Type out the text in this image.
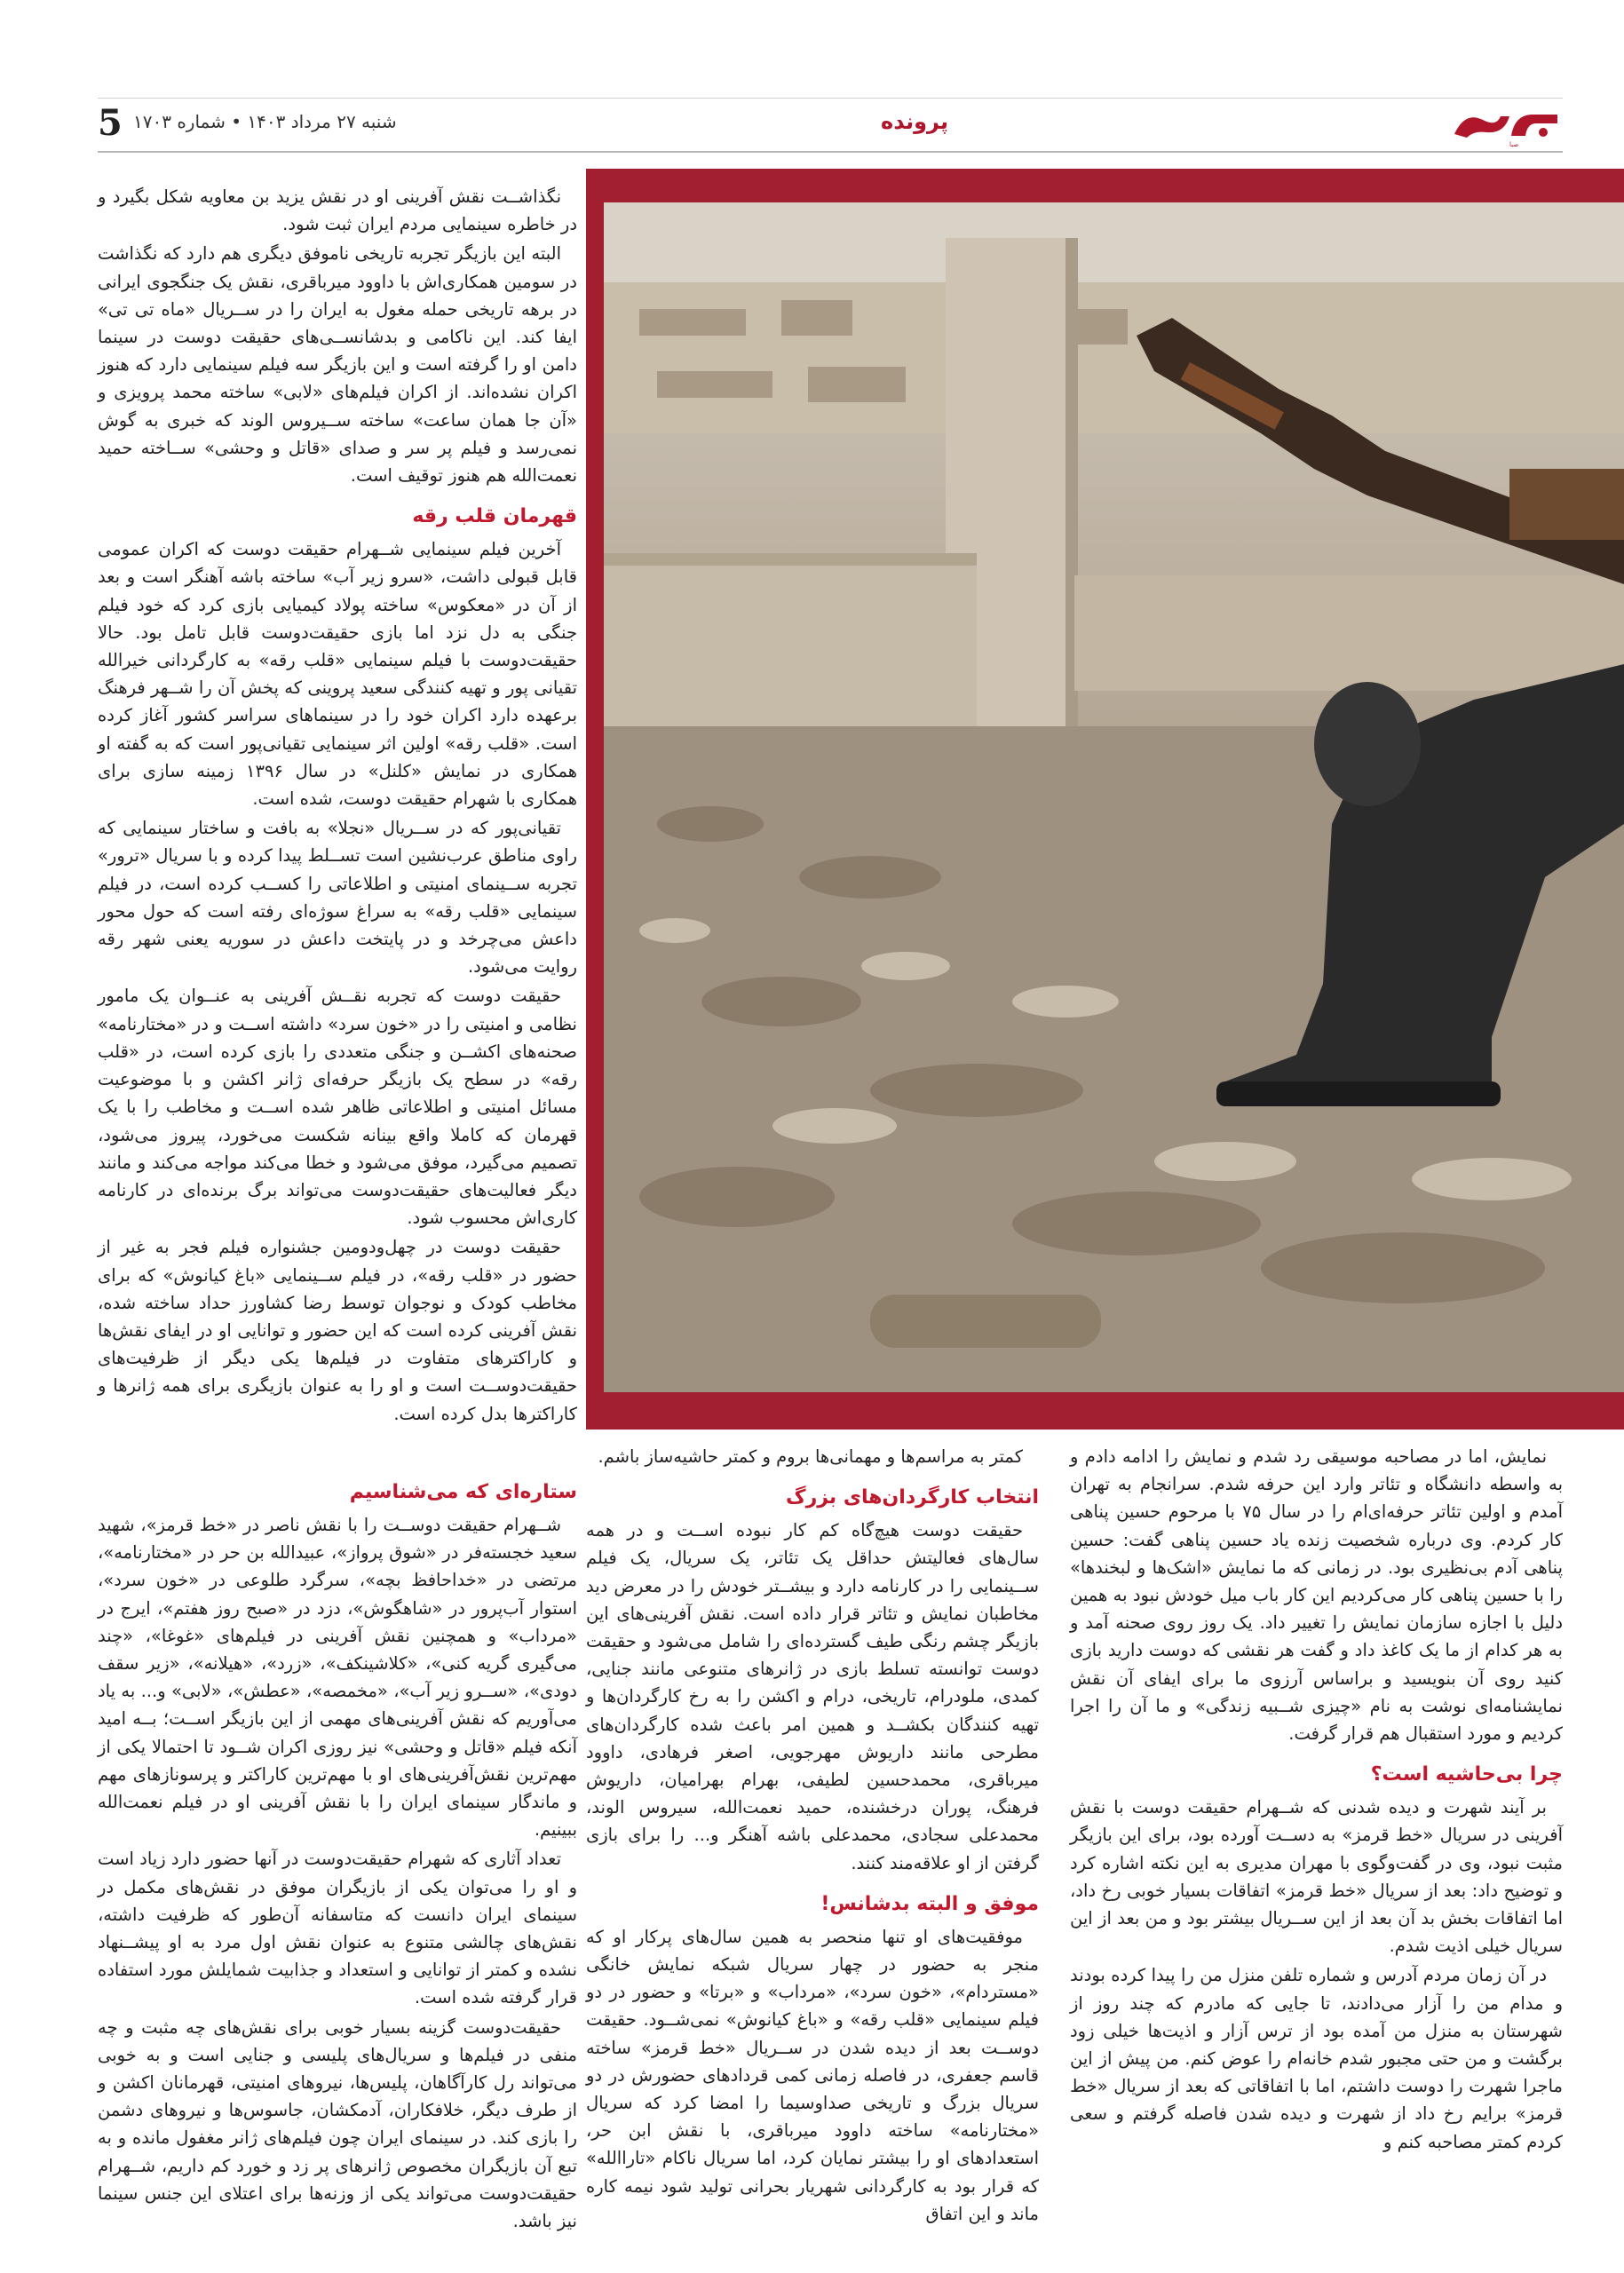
5 شنبه ۲۷ مرداد ۱۴۰۳ • شماره ۱۷۰۳	پرونده
صبا

نگذاشــت نقش آفرینی او در نقش یزید بن معاویه شکل بگیرد و در خاطره سینمایی مردم ایران ثبت شود.

البته این بازیگر تجربه تاریخی ناموفق دیگری هم دارد که نگذاشت در سومین همکاری‌اش با داوود میرباقری، نقش یک جنگجوی ایرانی در برهه تاریخی حمله مغول به ایران را در ســریال «ماه تی تی» ایفا کند. این ناکامی و بدشانســی‌های حقیقت دوست در سینما دامن او را گرفته است و این بازیگر سه فیلم سینمایی دارد که هنوز اکران نشده‌اند. از اکران فیلم‌های «لابی» ساخته محمد پرویزی و «آن جا همان ساعت» ساخته ســیروس الوند که خبری به گوش نمی‌رسد و فیلم پر سر و صدای «قاتل و وحشی» ســاخته حمید نعمت‌الله هم هنوز توقیف است.

قهرمان قلب رقه

آخرین فیلم سینمایی شــهرام حقیقت دوست که اکران عمومی قابل قبولی داشت، «سرو زیر آب» ساخته باشه آهنگر است و بعد از آن در «معکوس» ساخته پولاد کیمیایی بازی کرد که خود فیلم جنگی به دل نزد اما بازی حقیقت‌دوست قابل تامل بود. حالا حقیقت‌دوست با فیلم سینمایی «قلب رقه» به کارگردانی خیرالله تقیانی پور و تهیه کنندگی سعید پروینی که پخش آن را شــهر فرهنگ برعهده دارد اکران خود را در سینماهای سراسر کشور آغاز کرده است. «قلب رقه» اولین اثر سینمایی تقیانی‌پور است که به گفته او همکاری در نمایش «کلنل» در سال ۱۳۹۶ زمینه سازی برای همکاری با شهرام حقیقت دوست، شده است.

تقیانی‌پور که در ســریال «نجلا» به بافت و ساختار سینمایی که راوی مناطق عرب‌نشین است تســلط پیدا کرده و با سریال «ترور» تجربه ســینمای امنیتی و اطلاعاتی را کســب کرده است، در فیلم سینمایی «قلب رقه» به سراغ سوژه‌ای رفته است که حول محور داعش می‌چرخد و در پایتخت داعش در سوریه یعنی شهر رقه روایت می‌شود.

حقیقت‌ دوست که تجربه نقــش آفرینی به عنــوان یک مامور نظامی و امنیتی را در «خون سرد» داشته اســت و در «مختارنامه» صحنه‌های اکشــن و جنگی متعددی را بازی کرده است، در «قلب رقه» در سطح یک بازیگر حرفه‌ای ژانر اکشن و با موضوعیت مسائل امنیتی و اطلاعاتی ظاهر شده اســت و مخاطب را با یک قهرمان که کاملا واقع بینانه شکست می‌خورد، پیروز می‌شود، تصمیم می‌گیرد، موفق می‌شود و خطا می‌کند مواجه می‌کند و مانند دیگر فعالیت‌های حقیقت‌دوست می‌تواند برگ برنده‌ای در کارنامه کاری‌اش محسوب شود.

حقیقت دوست در چهل‌ودومین جشنواره فیلم فجر به غیر از حضور در «قلب رقه»، در فیلم ســینمایی «باغ کیانوش» که برای مخاطب کودک و نوجوان توسط رضا کشاورز حداد ساخته شده، نقش آفرینی کرده است که این حضور و توانایی او در ایفای نقش‌ها و کاراکترهای متفاوت در فیلم‌ها یکی دیگر از ظرفیت‌های حقیقت‌دوســت است و او را به عنوان بازیگری برای همه ژانرها و کاراکترها بدل کرده است.

ستاره‌ای که می‌شناسیم

شــهرام حقیقت دوســت را با نقش ناصر در «خط قرمز»، شهید سعید خجسته‌فر در «شوق پرواز»، عبیدالله بن حر در «مختارنامه»، مرتضی در «خداحافظ بچه»، سرگرد طلوعی در «خون سرد»، استوار آب‌پرور در «شاهگوش»، دزد در «صبح روز هفتم»، ایرج در «مرداب» و همچنین نقش آفرینی در فیلم‌های «غوغا»، «چند می‌گیری گریه کنی»، «کلاشینکف»، «زرد»، «هیلانه»، «زیر سقف دودی»، «ســرو زیر آب»، «مخمصه»، «عطش»، «لابی» و... به یاد می‌آوریم که نقش آفرینی‌های مهمی از این بازیگر اســت؛ بــه امید آنکه فیلم «قاتل و وحشی» نیز روزی اکران شــود تا احتمالا یکی از مهم‌ترین نقش‌آفرینی‌های او با مهم‌ترین کاراکتر و پرسونازهای مهم و ماندگار سینمای ایران را با نقش آفرینی او در فیلم نعمت‌الله ببینیم.

تعداد آثاری که شهرام حقیقت‌دوست در آنها حضور دارد زیاد است و او را می‌توان یکی از بازیگران موفق در نقش‌های مکمل در سینمای ایران دانست که متاسفانه آن‌طور که ظرفیت داشته، نقش‌های چالشی متنوع به عنوان نقش اول مرد به او پیشــنهاد نشده و کمتر از توانایی و استعداد و جذابیت شمایلش مورد استفاده قرار گرفته شده است.

حقیقت‌دوست گزینه بسیار خوبی برای نقش‌های چه مثبت و چه منفی در فیلم‌ها و سریال‌های پلیسی و جنایی است و به خوبی می‌تواند رل کارآگاهان، پلیس‌ها، نیروهای امنیتی، قهرمانان اکشن و از طرف دیگر، خلافکاران، آدمکشان، جاسوس‌ها و نیروهای دشمن را بازی کند. در سینمای ایران چون فیلم‌های ژانر مغفول مانده و به تبع آن بازیگران مخصوص ژانرهای پر زد و خورد کم داریم، شــهرام حقیقت‌دوست می‌تواند یکی از وزنه‌ها برای اعتلای این جنس سینما نیز باشد.

کمتر به مراسم‌ها و مهمانی‌ها بروم و کمتر حاشیه‌ساز باشم.

انتخاب کارگردان‌های بزرگ

حقیقت دوست هیچ‌گاه کم کار نبوده اســت و در همه سال‌های فعالیتش حداقل یک تئاتر، یک سریال، یک فیلم ســینمایی را در کارنامه دارد و بیشــتر خودش را در معرض دید مخاطبان نمایش و تئاتر قرار داده است. نقش آفرینی‌های این بازیگر چشم رنگی طیف گسترده‌ای را شامل می‌شود و حقیقت دوست توانسته تسلط بازی در ژانرهای متنوعی مانند جنایی، کمدی، ملودرام، تاریخی، درام و اکشن را به رخ کارگردان‌ها و تهیه کنندگان بکشــد و همین امر باعث شده کارگردان‌های مطرحی مانند داریوش مهرجویی، اصغر فرهادی، داوود میرباقری، محمدحسین لطیفی، بهرام بهرامیان، داریوش فرهنگ، پوران درخشنده، حمید نعمت‌الله، سیروس الوند، محمدعلی سجادی، محمدعلی باشه آهنگر و... را برای بازی گرفتن از او علاقه‌مند کنند.

موفق و البته بدشانس!

موفقیت‌های او تنها منحصر به همین سال‌های پرکار او که منجر به حضور در چهار سریال شبکه نمایش خانگی «مستردام»، «خون سرد»، «مرداب» و «برتا» و حضور در دو فیلم سینمایی «قلب رقه» و «باغ کیانوش» نمی‌شــود. حقیقت دوســت بعد از دیده شدن در ســریال «خط قرمز» ساخته قاسم جعفری، در فاصله زمانی کمی قرداد‌های حضورش در دو سریال بزرگ و تاریخی صداوسیما را امضا کرد که سریال «مختارنامه» ساخته داوود میرباقری، با نقش ابن حر، استعدادهای او را بیشتر نمایان کرد، اما سریال ناکام «تاراالله» که قرار بود به کارگردانی شهریار بحرانی تولید شود نیمه کاره ماند و این اتفاق

نمایش، اما در مصاحبه موسیقی رد شدم و نمایش را ادامه دادم و به واسطه دانشگاه و تئاتر وارد این حرفه شدم. سرانجام به تهران آمدم و اولین تئاتر حرفه‌ای‌ام را در سال ۷۵ با مرحوم حسین پناهی کار کردم. وی درباره شخصیت زنده یاد حسین پناهی گفت: حسین پناهی آدم بی‌نظیری بود. در زمانی که ما نمایش «اشک‌ها و لبخندها» را با حسین پناهی کار می‌کردیم این کار باب میل خودش نبود به همین دلیل با اجازه سازمان نمایش را تغییر داد. یک روز روی صحنه آمد و به هر کدام از ما یک کاغذ داد و گفت هر نقشی که دوست دارید بازی کنید روی آن بنویسید و براساس آرزوی ما برای ایفای آن نقش نمایشنامه‌ای نوشت به نام «چیزی شــبیه زندگی» و ما آن را اجرا کردیم و مورد استقبال هم قرار گرفت.

چرا بی‌حاشیه است؟

بر آیند شهرت و دیده شدنی که شــهرام حقیقت دوست با نقش آفرینی در سریال «خط قرمز» به دســت آورده بود، برای این بازیگر مثبت نبود، وی در گفت‌وگوی با مهران مدیری به این نکته اشاره کرد و توضیح داد: بعد از سریال «خط قرمز» اتفاقات بسیار خوبی رخ داد، اما اتفاقات بخش بد آن بعد از این ســریال بیشتر بود و من بعد از این سریال خیلی اذیت شدم.

در آن زمان مردم آدرس و شماره تلفن منزل من را پیدا کرده بودند و مدام من را آزار می‌دادند، تا جایی که مادرم که چند روز از شهرستان به منزل من آمده بود از ترس آزار و اذیت‌ها خیلی زود برگشت و من حتی مجبور شدم خانه‌ام را عوض کنم. من پیش از این ماجرا شهرت را دوست داشتم، اما با اتفاقاتی که بعد از سریال «خط قرمز» برایم رخ داد از شهرت و دیده شدن فاصله گرفتم و سعی کردم کمتر مصاحبه کنم و
